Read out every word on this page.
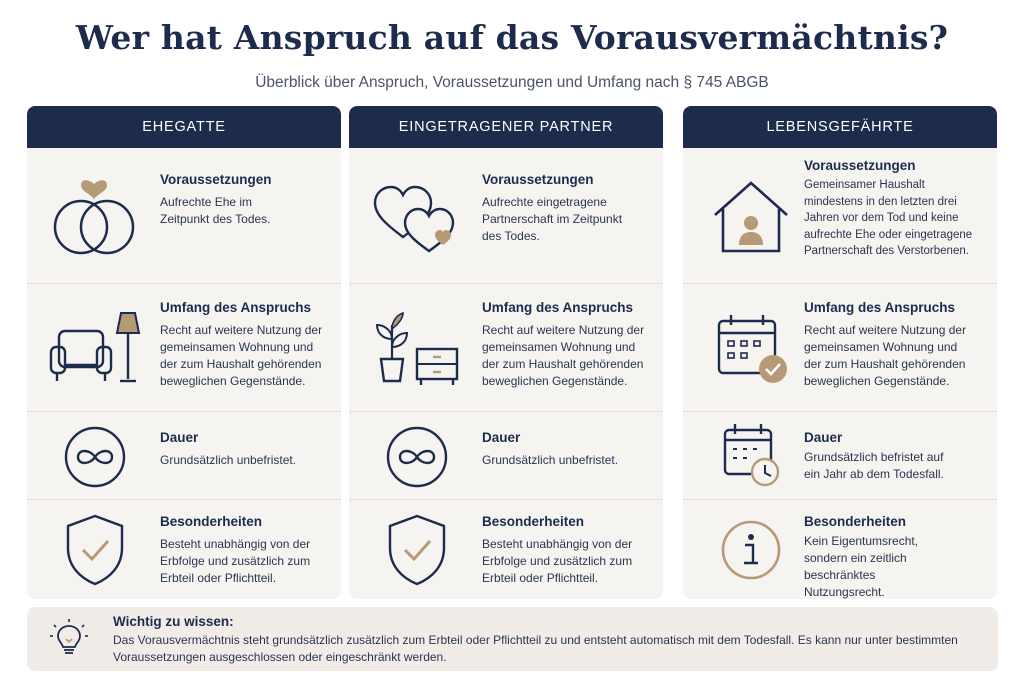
Wer hat Anspruch auf das Vorausvermächtnis?
Überblick über Anspruch, Voraussetzungen und Umfang nach § 745 ABGB
EHEGATTE
Voraussetzungen
Aufrechte Ehe im Zeitpunkt des Todes.
Umfang des Anspruchs
Recht auf weitere Nutzung der gemeinsamen Wohnung und der zum Haushalt gehörenden beweglichen Gegenstände.
Dauer
Grundsätzlich unbefristet.
Besonderheiten
Besteht unabhängig von der Erbfolge und zusätzlich zum Erbteil oder Pflichtteil.
EINGETRAGENER PARTNER
Voraussetzungen
Aufrechte eingetragene Partnerschaft im Zeitpunkt des Todes.
Umfang des Anspruchs
Recht auf weitere Nutzung der gemeinsamen Wohnung und der zum Haushalt gehörenden beweglichen Gegenstände.
Dauer
Grundsätzlich unbefristet.
Besonderheiten
Besteht unabhängig von der Erbfolge und zusätzlich zum Erbteil oder Pflichtteil.
LEBENSGEFÄHRTE
Voraussetzungen
Gemeinsamer Haushalt mindestens in den letzten drei Jahren vor dem Tod und keine aufrechte Ehe oder eingetragene Partnerschaft des Verstorbenen.
Umfang des Anspruchs
Recht auf weitere Nutzung der gemeinsamen Wohnung und der zum Haushalt gehörenden beweglichen Gegenstände.
Dauer
Grundsätzlich befristet auf ein Jahr ab dem Todesfall.
Besonderheiten
Kein Eigentumsrecht, sondern ein zeitlich beschränktes Nutzungsrecht.
Wichtig zu wissen:
Das Vorausvermächtnis steht grundsätzlich zusätzlich zum Erbteil oder Pflichtteil zu und entsteht automatisch mit dem Todesfall. Es kann nur unter bestimmten Voraussetzungen ausgeschlossen oder eingeschränkt werden.
